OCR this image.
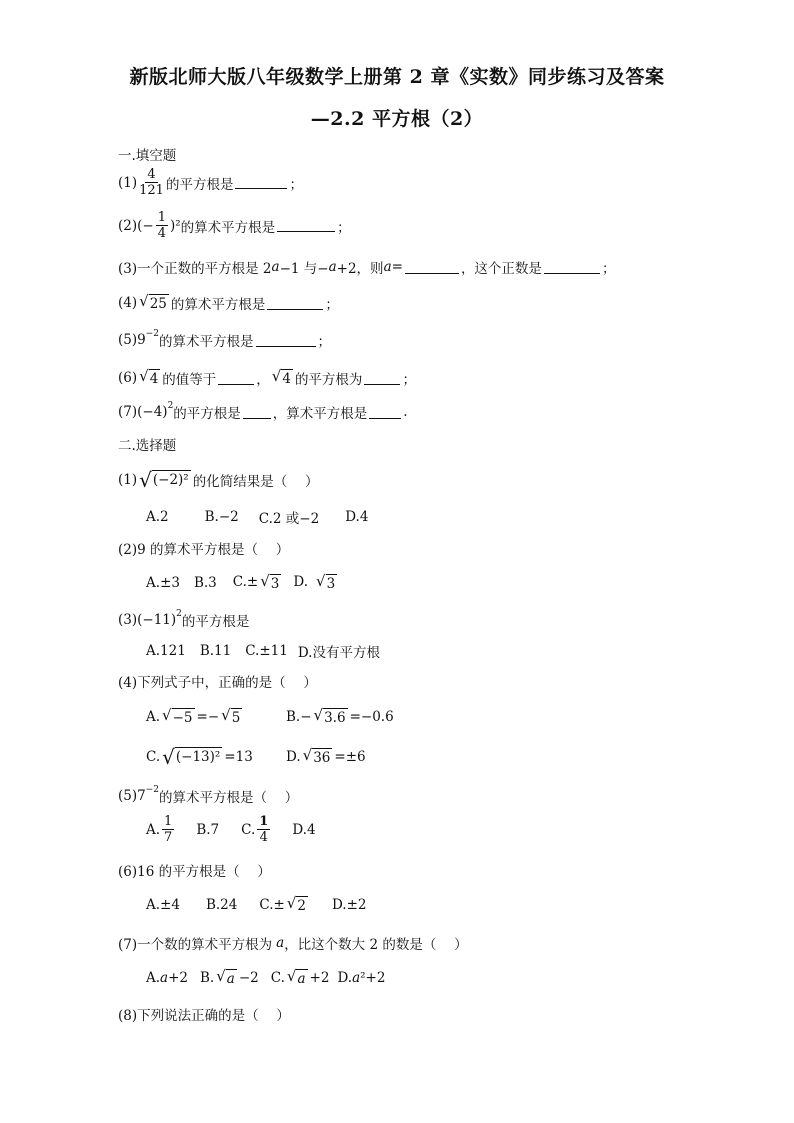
新版北师大版八年级数学上册第 2 章《实数》同步练习及答案
—2.2 平方根（2）
一.填空题
$(1) \frac{4}{121}$ 的平方根是	；
$(2)(- \frac{1}{4} )^2$ 的算术平方根是	；
(3)一个正数的平方根是 2 a −1 与− a +2，则 a =	，这个正数是	；
(4) √ 25 的算术平方根是	；
(5)9 −2 的算术平方根是	；
(6) √ 4 的值等于	， √ 4 的平方根为	；
(7)(−4) 2 的平方根是 ，算术平方根是	.
二.选择题
(1) √ (−2)² 的化简结果是（　 ）
A.2	B.−2 C.2 或−2 D.4
(2)9 的算术平方根是（　 ）
A.±3 B.3 C.± √ 3 D. √ 3
(3)(−11) 2 的平方根是
A.121 B.11 C.±11 D.没有平方根
(4)下列式子中，正确的是（　 ）
A. √ −5 =− √ 5	B.− √ 3.6 =−0.6
C. √ (−13)² =13 D. √ 36 =±6
(5)7 −2 的算术平方根是（　 ）
A. $\frac{1}{7} B.7$ C. $\frac{1}{4} D.4$
(6)16 的平方根是（　 ）
A.±4 B.24 C.± √ 2 D.±2
(7)一个数的算术平方根为 a ，比这个数大 2 的数是（　 ）
A. a +2 B. √ a −2 C. √ a +2 D. a ²+2
(8)下列说法正确的是（　 ）
